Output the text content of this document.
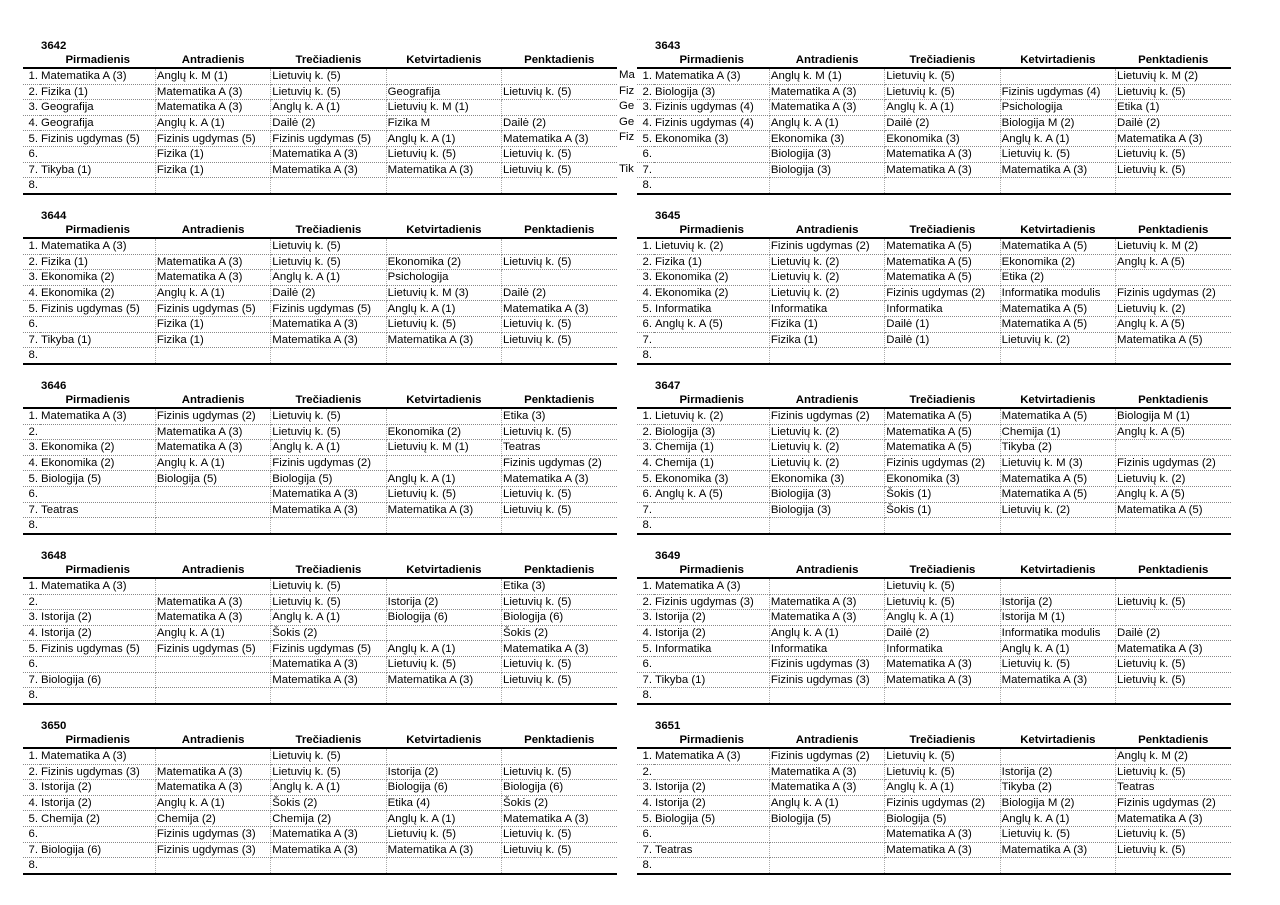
3642
	Pirmadienis	Antradienis	Trečiadienis	Ketvirtadienis	Penktadienis
1.	Matematika A (3)	Anglų k. M (1)	Lietuvių k. (5)		
2.	Fizika (1)	Matematika A (3)	Lietuvių k. (5)	Geografija	Lietuvių k. (5)
3.	Geografija	Matematika A (3)	Anglų k. A (1)	Lietuvių k. M (1)	
4.	Geografija	Anglų k. A (1)	Dailė (2)	Fizika M	Dailė (2)
5.	Fizinis ugdymas (5)	Fizinis ugdymas (5)	Fizinis ugdymas (5)	Anglų k. A (1)	Matematika A (3)
6.		Fizika (1)	Matematika A (3)	Lietuvių k. (5)	Lietuvių k. (5)
7.	Tikyba (1)	Fizika (1)	Matematika A (3)	Matematika A (3)	Lietuvių k. (5)
8.					
3643
	Pirmadienis	Antradienis	Trečiadienis	Ketvirtadienis	Penktadienis
1.	Matematika A (3)	Anglų k. M (1)	Lietuvių k. (5)		Lietuvių k. M (2)
2.	Biologija (3)	Matematika A (3)	Lietuvių k. (5)	Fizinis ugdymas (4)	Lietuvių k. (5)
3.	Fizinis ugdymas (4)	Matematika A (3)	Anglų k. A (1)	Psichologija	Etika (1)
4.	Fizinis ugdymas (4)	Anglų k. A (1)	Dailė (2)	Biologija M (2)	Dailė (2)
5.	Ekonomika (3)	Ekonomika (3)	Ekonomika (3)	Anglų k. A (1)	Matematika A (3)
6.		Biologija (3)	Matematika A (3)	Lietuvių k. (5)	Lietuvių k. (5)
7.		Biologija (3)	Matematika A (3)	Matematika A (3)	Lietuvių k. (5)
8.					
3644
	Pirmadienis	Antradienis	Trečiadienis	Ketvirtadienis	Penktadienis
1.	Matematika A (3)		Lietuvių k. (5)		
2.	Fizika (1)	Matematika A (3)	Lietuvių k. (5)	Ekonomika (2)	Lietuvių k. (5)
3.	Ekonomika (2)	Matematika A (3)	Anglų k. A (1)	Psichologija	
4.	Ekonomika (2)	Anglų k. A (1)	Dailė (2)	Lietuvių k. M (3)	Dailė (2)
5.	Fizinis ugdymas (5)	Fizinis ugdymas (5)	Fizinis ugdymas (5)	Anglų k. A (1)	Matematika A (3)
6.		Fizika (1)	Matematika A (3)	Lietuvių k. (5)	Lietuvių k. (5)
7.	Tikyba (1)	Fizika (1)	Matematika A (3)	Matematika A (3)	Lietuvių k. (5)
8.					
3645
	Pirmadienis	Antradienis	Trečiadienis	Ketvirtadienis	Penktadienis
1.	Lietuvių k. (2)	Fizinis ugdymas (2)	Matematika A (5)	Matematika A (5)	Lietuvių k. M (2)
2.	Fizika (1)	Lietuvių k. (2)	Matematika A (5)	Ekonomika (2)	Anglų k. A (5)
3.	Ekonomika (2)	Lietuvių k. (2)	Matematika A (5)	Etika (2)	
4.	Ekonomika (2)	Lietuvių k. (2)	Fizinis ugdymas (2)	Informatika modulis	Fizinis ugdymas (2)
5.	Informatika	Informatika	Informatika	Matematika A (5)	Lietuvių k. (2)
6.	Anglų k. A (5)	Fizika (1)	Dailė (1)	Matematika A (5)	Anglų k. A (5)
7.		Fizika (1)	Dailė (1)	Lietuvių k. (2)	Matematika A (5)
8.					
3646
	Pirmadienis	Antradienis	Trečiadienis	Ketvirtadienis	Penktadienis
1.	Matematika A (3)	Fizinis ugdymas (2)	Lietuvių k. (5)		Etika (3)
2.		Matematika A (3)	Lietuvių k. (5)	Ekonomika (2)	Lietuvių k. (5)
3.	Ekonomika (2)	Matematika A (3)	Anglų k. A (1)	Lietuvių k. M (1)	Teatras
4.	Ekonomika (2)	Anglų k. A (1)	Fizinis ugdymas (2)		Fizinis ugdymas (2)
5.	Biologija (5)	Biologija (5)	Biologija (5)	Anglų k. A (1)	Matematika A (3)
6.			Matematika A (3)	Lietuvių k. (5)	Lietuvių k. (5)
7.	Teatras		Matematika A (3)	Matematika A (3)	Lietuvių k. (5)
8.					
3647
	Pirmadienis	Antradienis	Trečiadienis	Ketvirtadienis	Penktadienis
1.	Lietuvių k. (2)	Fizinis ugdymas (2)	Matematika A (5)	Matematika A (5)	Biologija M (1)
2.	Biologija (3)	Lietuvių k. (2)	Matematika A (5)	Chemija (1)	Anglų k. A (5)
3.	Chemija (1)	Lietuvių k. (2)	Matematika A (5)	Tikyba (2)	
4.	Chemija (1)	Lietuvių k. (2)	Fizinis ugdymas (2)	Lietuvių k. M (3)	Fizinis ugdymas (2)
5.	Ekonomika (3)	Ekonomika (3)	Ekonomika (3)	Matematika A (5)	Lietuvių k. (2)
6.	Anglų k. A (5)	Biologija (3)	Šokis (1)	Matematika A (5)	Anglų k. A (5)
7.		Biologija (3)	Šokis (1)	Lietuvių k. (2)	Matematika A (5)
8.					
3648
	Pirmadienis	Antradienis	Trečiadienis	Ketvirtadienis	Penktadienis
1.	Matematika A (3)		Lietuvių k. (5)		Etika (3)
2.		Matematika A (3)	Lietuvių k. (5)	Istorija (2)	Lietuvių k. (5)
3.	Istorija (2)	Matematika A (3)	Anglų k. A (1)	Biologija (6)	Biologija (6)
4.	Istorija (2)	Anglų k. A (1)	Šokis (2)		Šokis (2)
5.	Fizinis ugdymas (5)	Fizinis ugdymas (5)	Fizinis ugdymas (5)	Anglų k. A (1)	Matematika A (3)
6.			Matematika A (3)	Lietuvių k. (5)	Lietuvių k. (5)
7.	Biologija (6)		Matematika A (3)	Matematika A (3)	Lietuvių k. (5)
8.					
3649
	Pirmadienis	Antradienis	Trečiadienis	Ketvirtadienis	Penktadienis
1.	Matematika A (3)		Lietuvių k. (5)		
2.	Fizinis ugdymas (3)	Matematika A (3)	Lietuvių k. (5)	Istorija (2)	Lietuvių k. (5)
3.	Istorija (2)	Matematika A (3)	Anglų k. A (1)	Istorija M (1)	
4.	Istorija (2)	Anglų k. A (1)	Dailė (2)	Informatika modulis	Dailė (2)
5.	Informatika	Informatika	Informatika	Anglų k. A (1)	Matematika A (3)
6.		Fizinis ugdymas (3)	Matematika A (3)	Lietuvių k. (5)	Lietuvių k. (5)
7.	Tikyba (1)	Fizinis ugdymas (3)	Matematika A (3)	Matematika A (3)	Lietuvių k. (5)
8.					
3650
	Pirmadienis	Antradienis	Trečiadienis	Ketvirtadienis	Penktadienis
1.	Matematika A (3)		Lietuvių k. (5)		
2.	Fizinis ugdymas (3)	Matematika A (3)	Lietuvių k. (5)	Istorija (2)	Lietuvių k. (5)
3.	Istorija (2)	Matematika A (3)	Anglų k. A (1)	Biologija (6)	Biologija (6)
4.	Istorija (2)	Anglų k. A (1)	Šokis (2)	Etika (4)	Šokis (2)
5.	Chemija (2)	Chemija (2)	Chemija (2)	Anglų k. A (1)	Matematika A (3)
6.		Fizinis ugdymas (3)	Matematika A (3)	Lietuvių k. (5)	Lietuvių k. (5)
7.	Biologija (6)	Fizinis ugdymas (3)	Matematika A (3)	Matematika A (3)	Lietuvių k. (5)
8.					
3651
	Pirmadienis	Antradienis	Trečiadienis	Ketvirtadienis	Penktadienis
1.	Matematika A (3)	Fizinis ugdymas (2)	Lietuvių k. (5)		Anglų k. M (2)
2.		Matematika A (3)	Lietuvių k. (5)	Istorija (2)	Lietuvių k. (5)
3.	Istorija (2)	Matematika A (3)	Anglų k. A (1)	Tikyba (2)	Teatras
4.	Istorija (2)	Anglų k. A (1)	Fizinis ugdymas (2)	Biologija M (2)	Fizinis ugdymas (2)
5.	Biologija (5)	Biologija (5)	Biologija (5)	Anglų k. A (1)	Matematika A (3)
6.			Matematika A (3)	Lietuvių k. (5)	Lietuvių k. (5)
7.	Teatras		Matematika A (3)	Matematika A (3)	Lietuvių k. (5)
8.					
Ma
Fiz
Ge
Ge
Fiz
Tik
